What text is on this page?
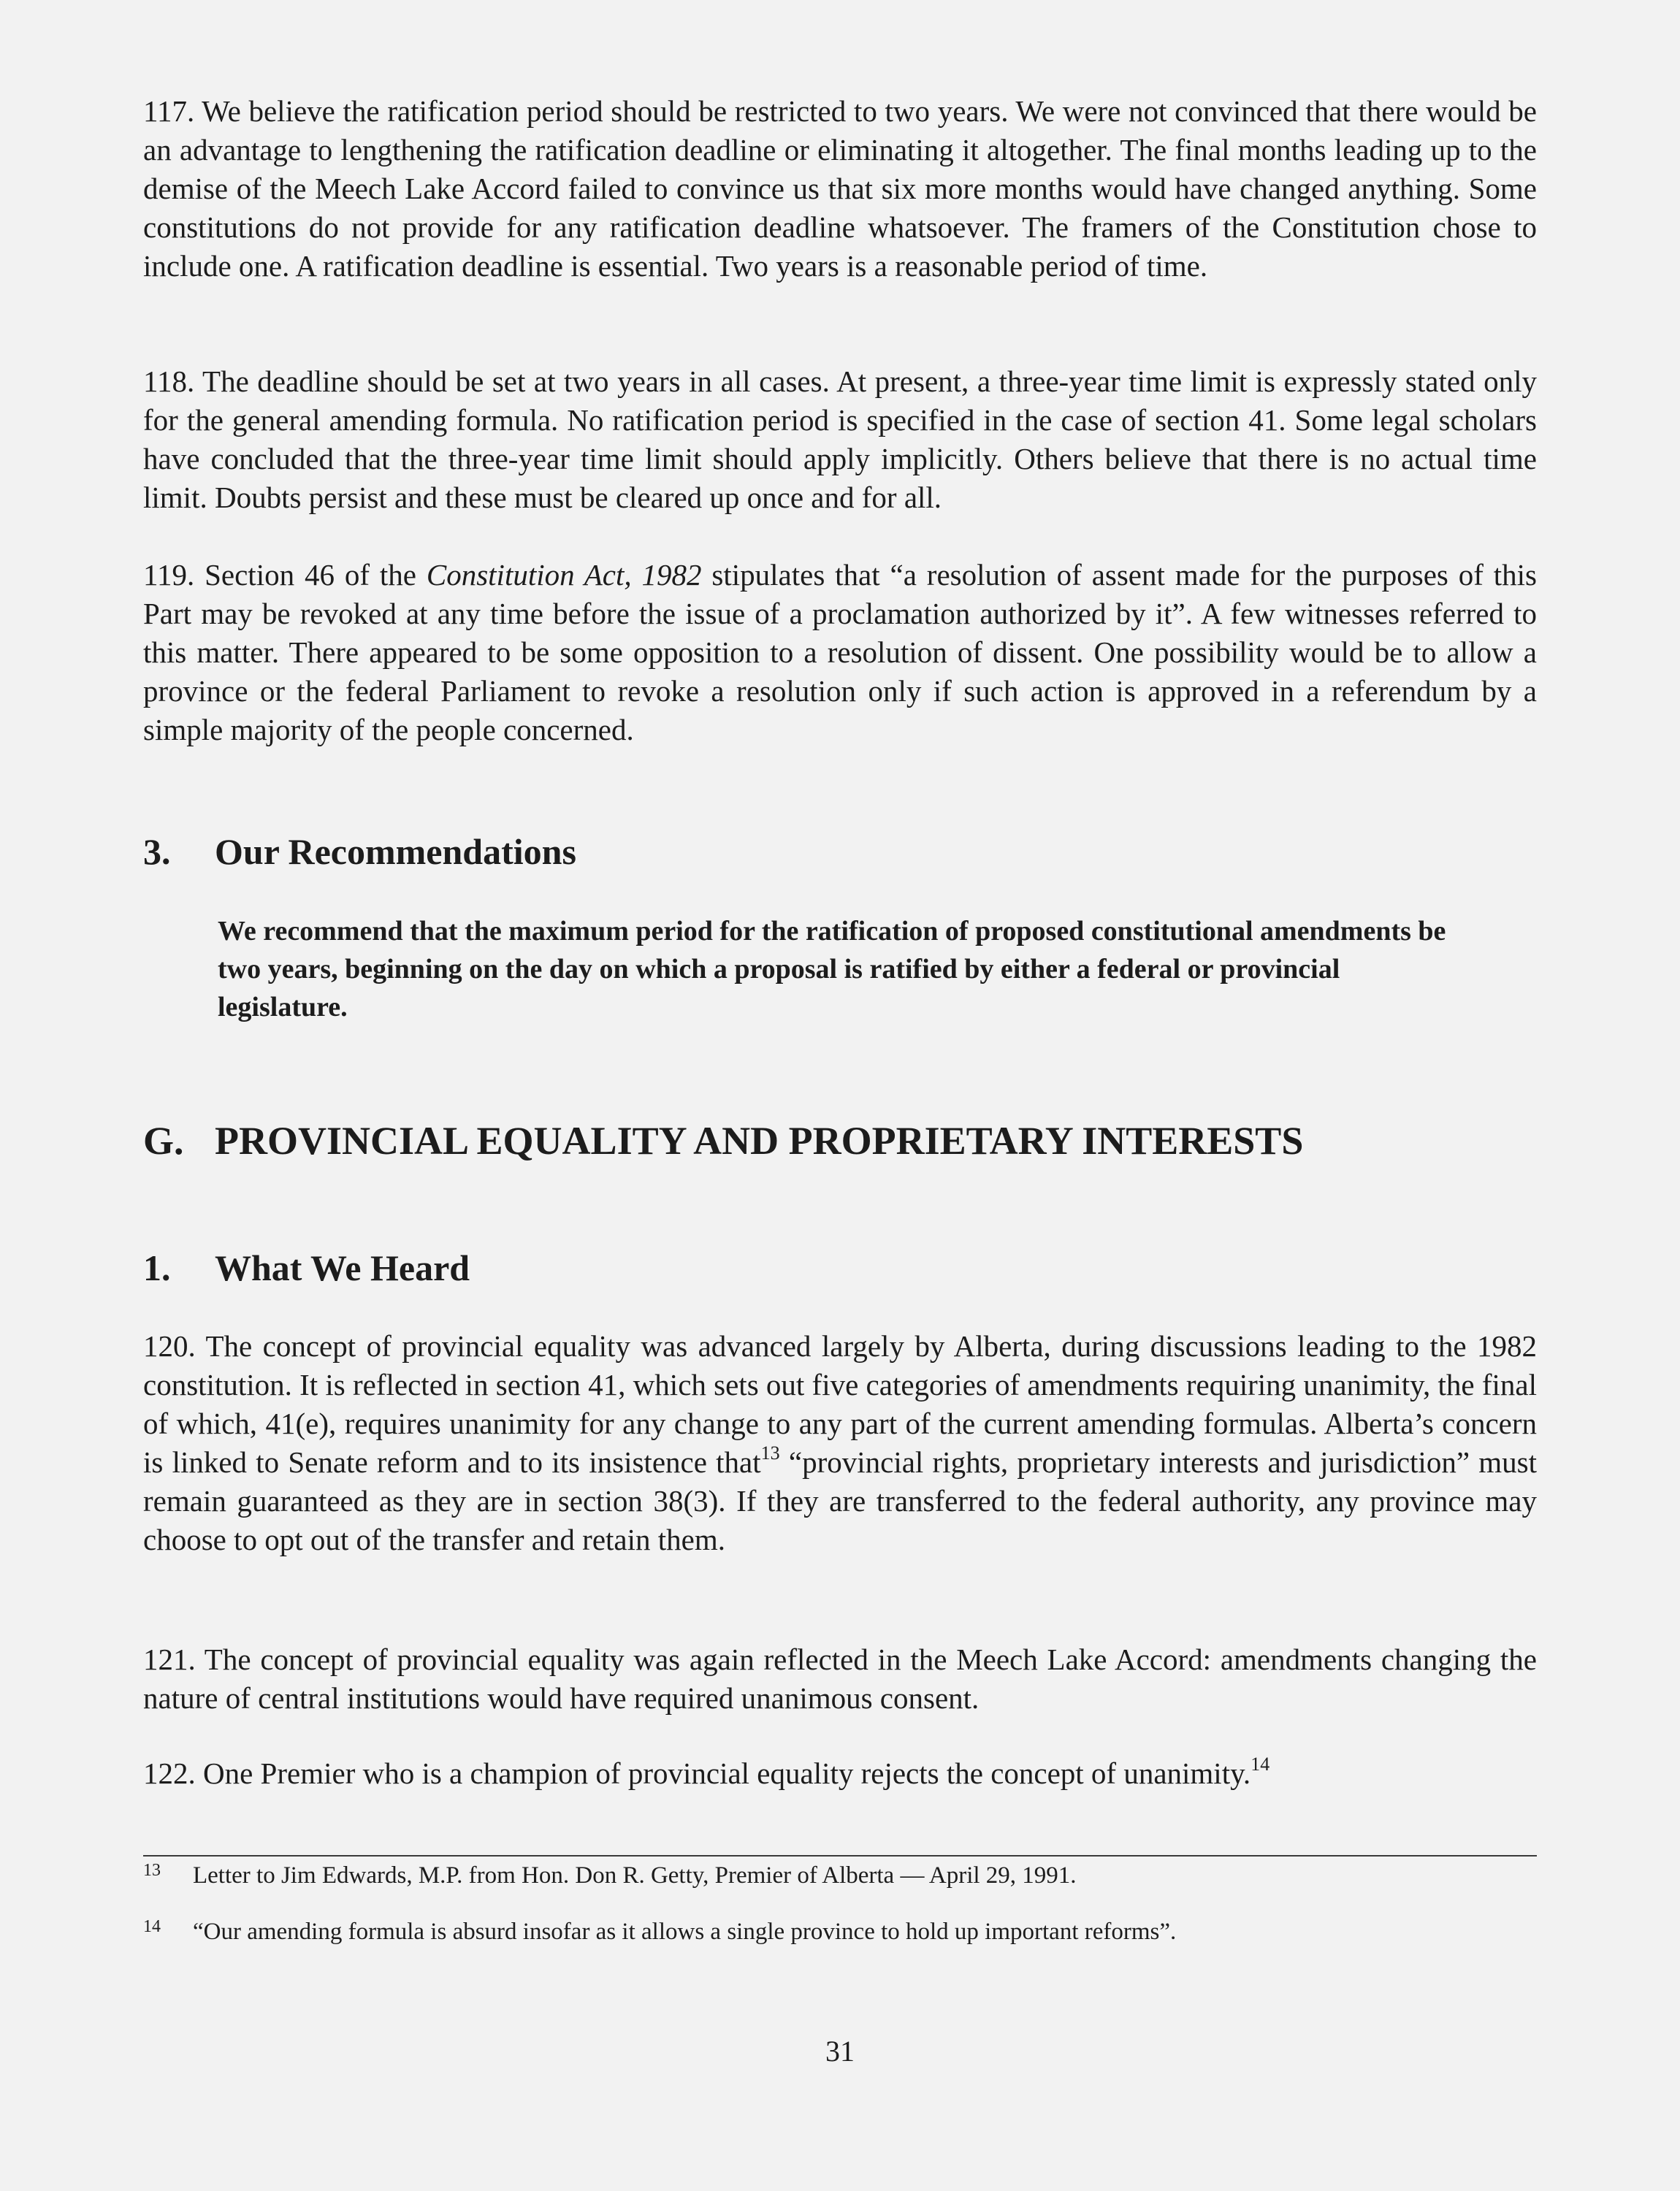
117. We believe the ratification period should be restricted to two years. We were not convinced that there would be an advantage to lengthening the ratification deadline or eliminating it altogether. The final months leading up to the demise of the Meech Lake Accord failed to convince us that six more months would have changed anything. Some constitutions do not provide for any ratification deadline whatsoever. The framers of the Constitution chose to include one. A ratification deadline is essential. Two years is a reasonable period of time.

118. The deadline should be set at two years in all cases. At present, a three-year time limit is expressly stated only for the general amending formula. No ratification period is specified in the case of section 41. Some legal scholars have concluded that the three-year time limit should apply implicitly. Others believe that there is no actual time limit. Doubts persist and these must be cleared up once and for all.

119. Section 46 of the Constitution Act, 1982 stipulates that “a resolution of assent made for the purposes of this Part may be revoked at any time before the issue of a proclamation authorized by it”. A few witnesses referred to this matter. There appeared to be some opposition to a resolution of dissent. One possibility would be to allow a province or the federal Parliament to revoke a resolution only if such action is approved in a referendum by a simple majority of the people concerned.

3. Our Recommendations

We recommend that the maximum period for the ratification of proposed constitutional amendments be two years, beginning on the day on which a proposal is ratified by either a federal or provincial legislature.

G. PROVINCIAL EQUALITY AND PROPRIETARY INTERESTS
1. What We Heard

120. The concept of provincial equality was advanced largely by Alberta, during discussions leading to the 1982 constitution. It is reflected in section 41, which sets out five categories of amendments requiring unanimity, the final of which, 41(e), requires unanimity for any change to any part of the current amending formulas. Alberta’s concern is linked to Senate reform and to its insistence that$^{13}$ “provincial rights, proprietary interests and jurisdiction” must remain guaranteed as they are in section 38(3). If they are transferred to the federal authority, any province may choose to opt out of the transfer and retain them.

121. The concept of provincial equality was again reflected in the Meech Lake Accord: amendments changing the nature of central institutions would have required unanimous consent.

122. One Premier who is a champion of provincial equality rejects the concept of unanimity.$^{14}$

13 Letter to Jim Edwards, M.P. from Hon. Don R. Getty, Premier of Alberta — April 29, 1991.

14 “Our amending formula is absurd insofar as it allows a single province to hold up important reforms”.

31
